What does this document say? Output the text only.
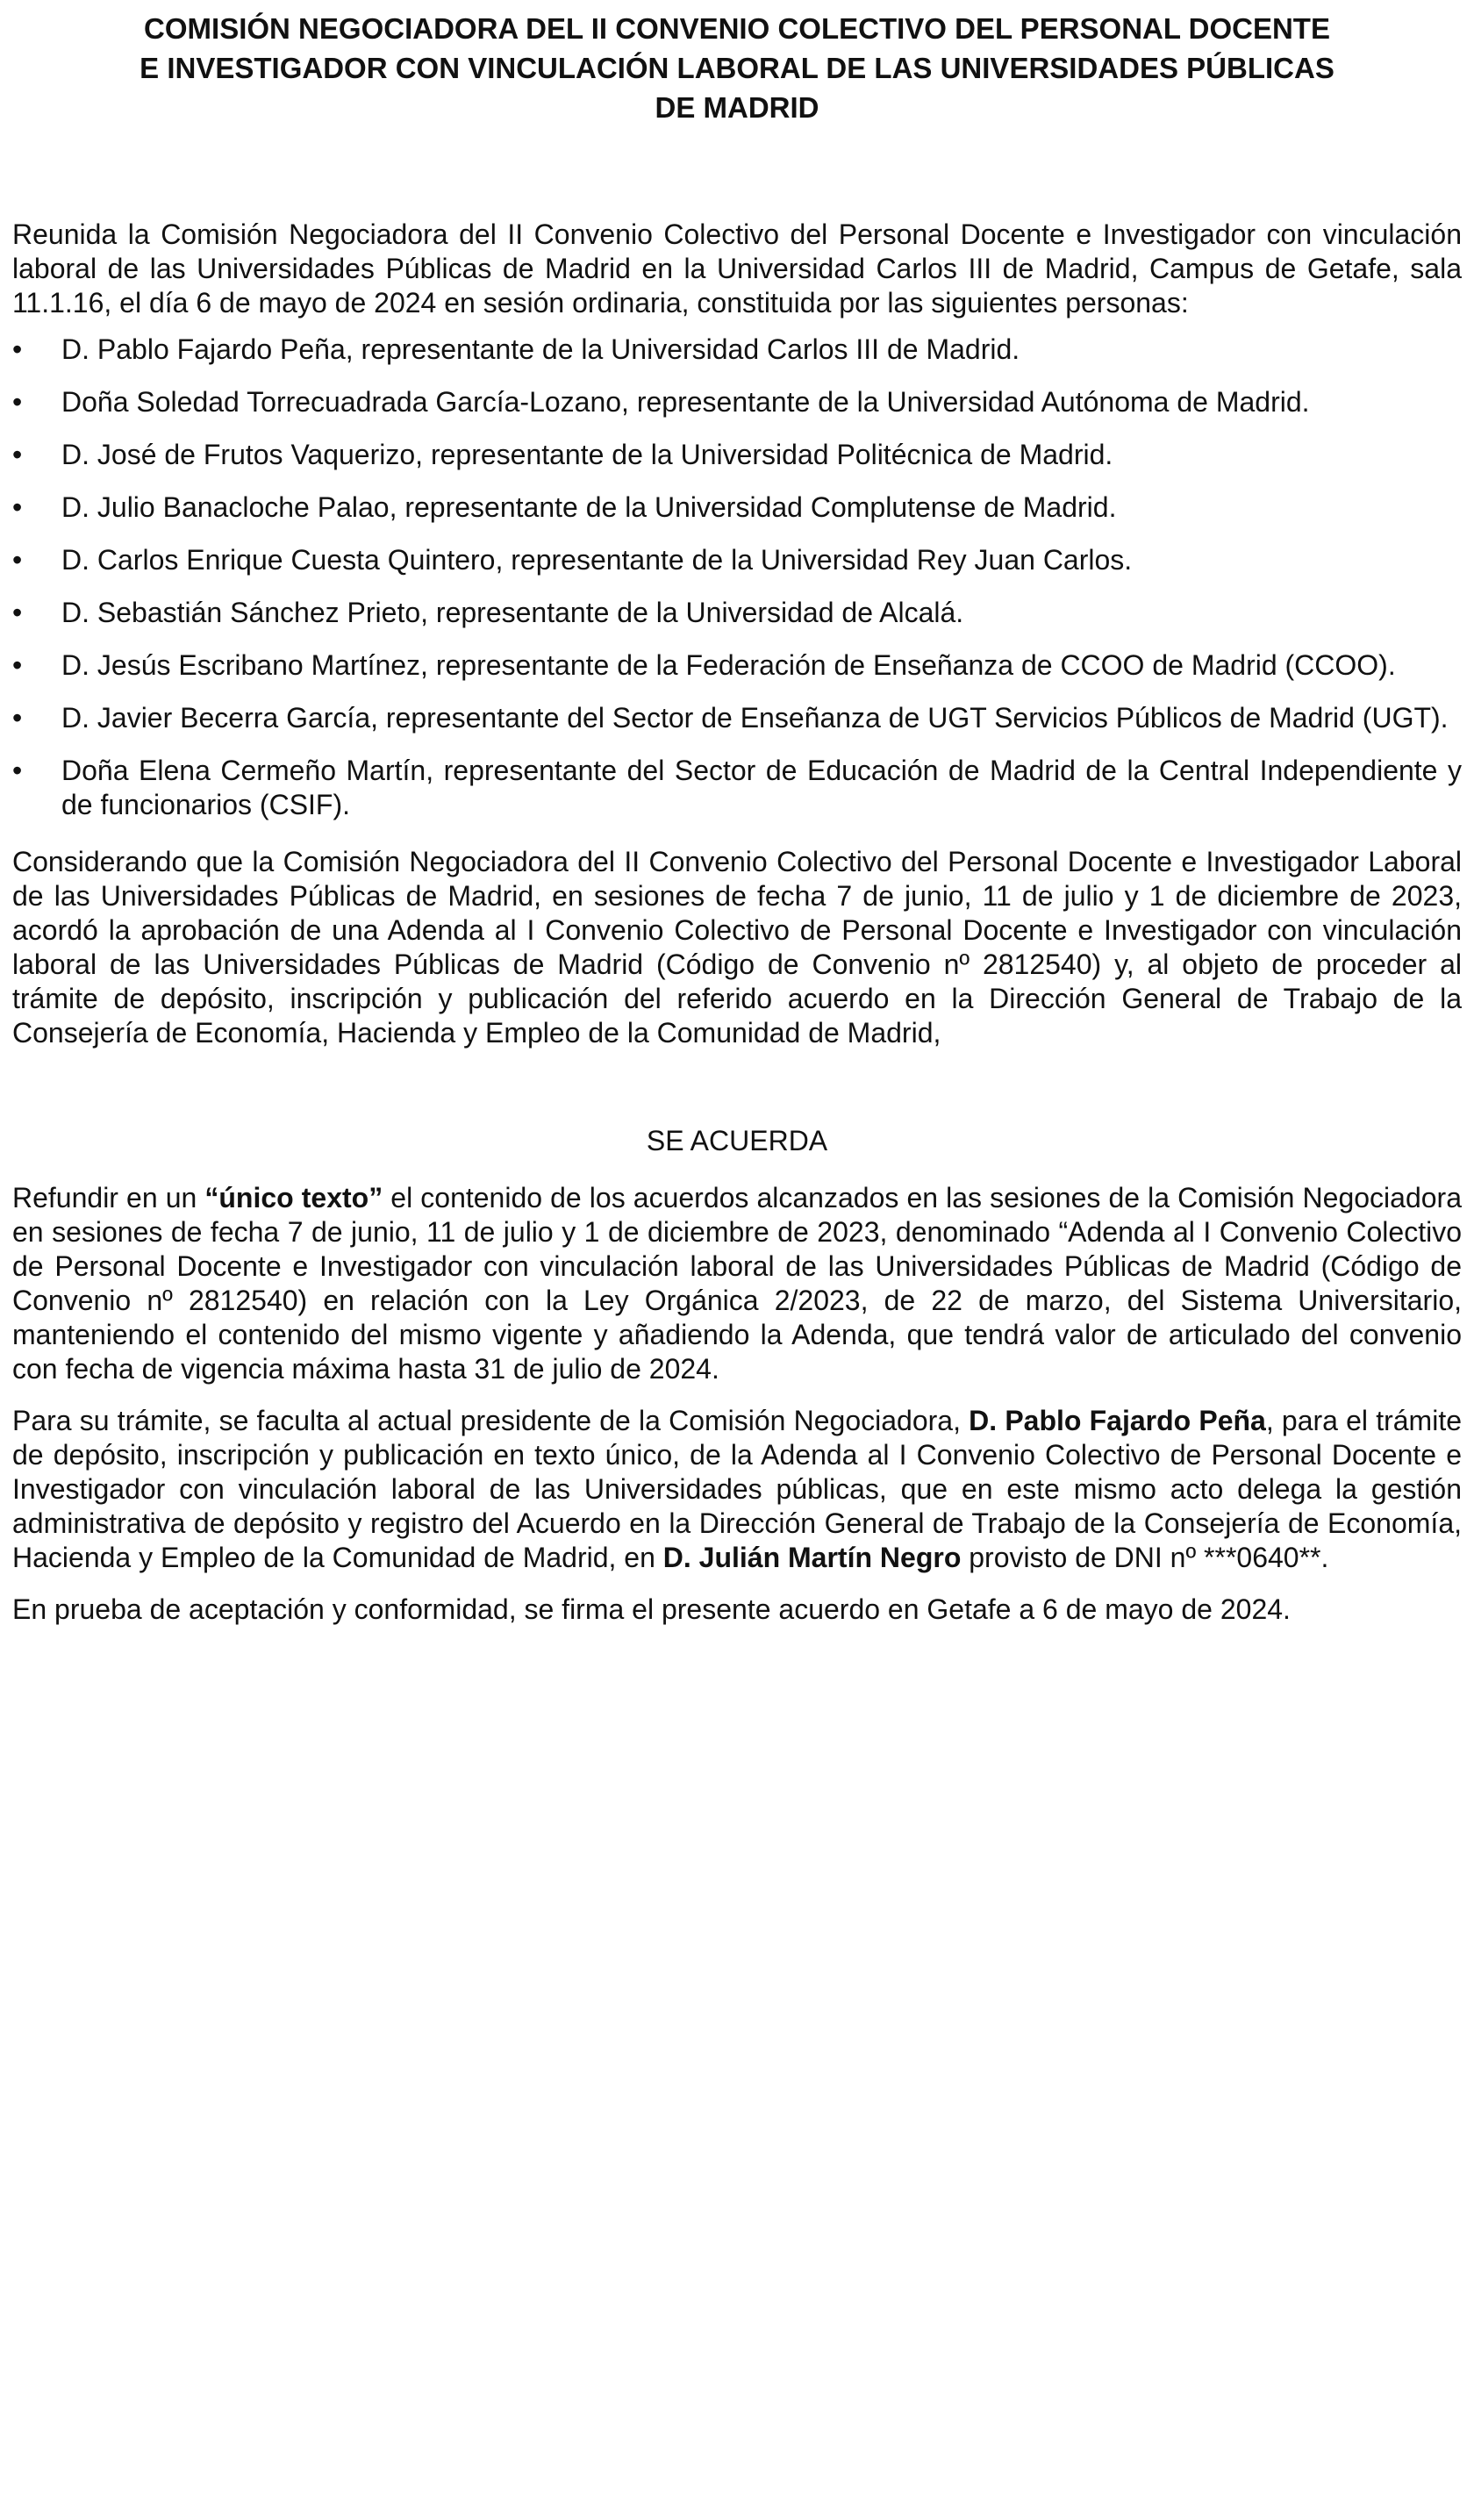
COMISIÓN NEGOCIADORA DEL II CONVENIO COLECTIVO DEL PERSONAL DOCENTE
E INVESTIGADOR CON VINCULACIÓN LABORAL DE LAS UNIVERSIDADES PÚBLICAS
DE MADRID

Reunida la Comisión Negociadora del II Convenio Colectivo del Personal Docente e Investigador con vinculación laboral de las Universidades Públicas de Madrid en la Universidad Carlos III de Madrid, Campus de Getafe, sala 11.1.16, el día 6 de mayo de 2024 en sesión ordinaria, constituida por las siguientes personas:

•	D. Pablo Fajardo Peña, representante de la Universidad Carlos III de Madrid.
•	Doña Soledad Torrecuadrada García-Lozano, representante de la Universidad Autónoma de Madrid.
•	D. José de Frutos Vaquerizo, representante de la Universidad Politécnica de Madrid.
•	D. Julio Banacloche Palao, representante de la Universidad Complutense de Madrid.
•	D. Carlos Enrique Cuesta Quintero, representante de la Universidad Rey Juan Carlos.
•	D. Sebastián Sánchez Prieto, representante de la Universidad de Alcalá.
•	D. Jesús Escribano Martínez, representante de la Federación de Enseñanza de CCOO de Madrid (CCOO).
•	D. Javier Becerra García, representante del Sector de Enseñanza de UGT Servicios Públicos de Madrid (UGT).
•	Doña Elena Cermeño Martín, representante del Sector de Educación de Madrid de la Central Independiente y de funcionarios (CSIF).

Considerando que la Comisión Negociadora del II Convenio Colectivo del Personal Docente e Investigador Laboral de las Universidades Públicas de Madrid, en sesiones de fecha 7 de junio, 11 de julio y 1 de diciembre de 2023, acordó la aprobación de una Adenda al I Convenio Colectivo de Personal Docente e Investigador con vinculación laboral de las Universidades Públicas de Madrid (Código de Convenio nº 2812540) y, al objeto de proceder al trámite de depósito, inscripción y publicación del referido acuerdo en la Dirección General de Trabajo de la Consejería de Economía, Hacienda y Empleo de la Comunidad de Madrid,

SE ACUERDA

Refundir en un “único texto” el contenido de los acuerdos alcanzados en las sesiones de la Comisión Negociadora en sesiones de fecha 7 de junio, 11 de julio y 1 de diciembre de 2023, denominado “Adenda al I Convenio Colectivo de Personal Docente e Investigador con vinculación laboral de las Universidades Públicas de Madrid (Código de Convenio nº 2812540) en relación con la Ley Orgánica 2/2023, de 22 de marzo, del Sistema Universitario, manteniendo el contenido del mismo vigente y añadiendo la Adenda, que tendrá valor de articulado del convenio con fecha de vigencia máxima hasta 31 de julio de 2024.

Para su trámite, se faculta al actual presidente de la Comisión Negociadora, D. Pablo Fajardo Peña, para el trámite de depósito, inscripción y publicación en texto único, de la Adenda al I Convenio Colectivo de Personal Docente e Investigador con vinculación laboral de las Universidades públicas, que en este mismo acto delega la gestión administrativa de depósito y registro del Acuerdo en la Dirección General de Trabajo de la Consejería de Economía, Hacienda y Empleo de la Comunidad de Madrid, en D. Julián Martín Negro provisto de DNI nº ***0640**.

En prueba de aceptación y conformidad, se firma el presente acuerdo en Getafe a 6 de mayo de 2024.
